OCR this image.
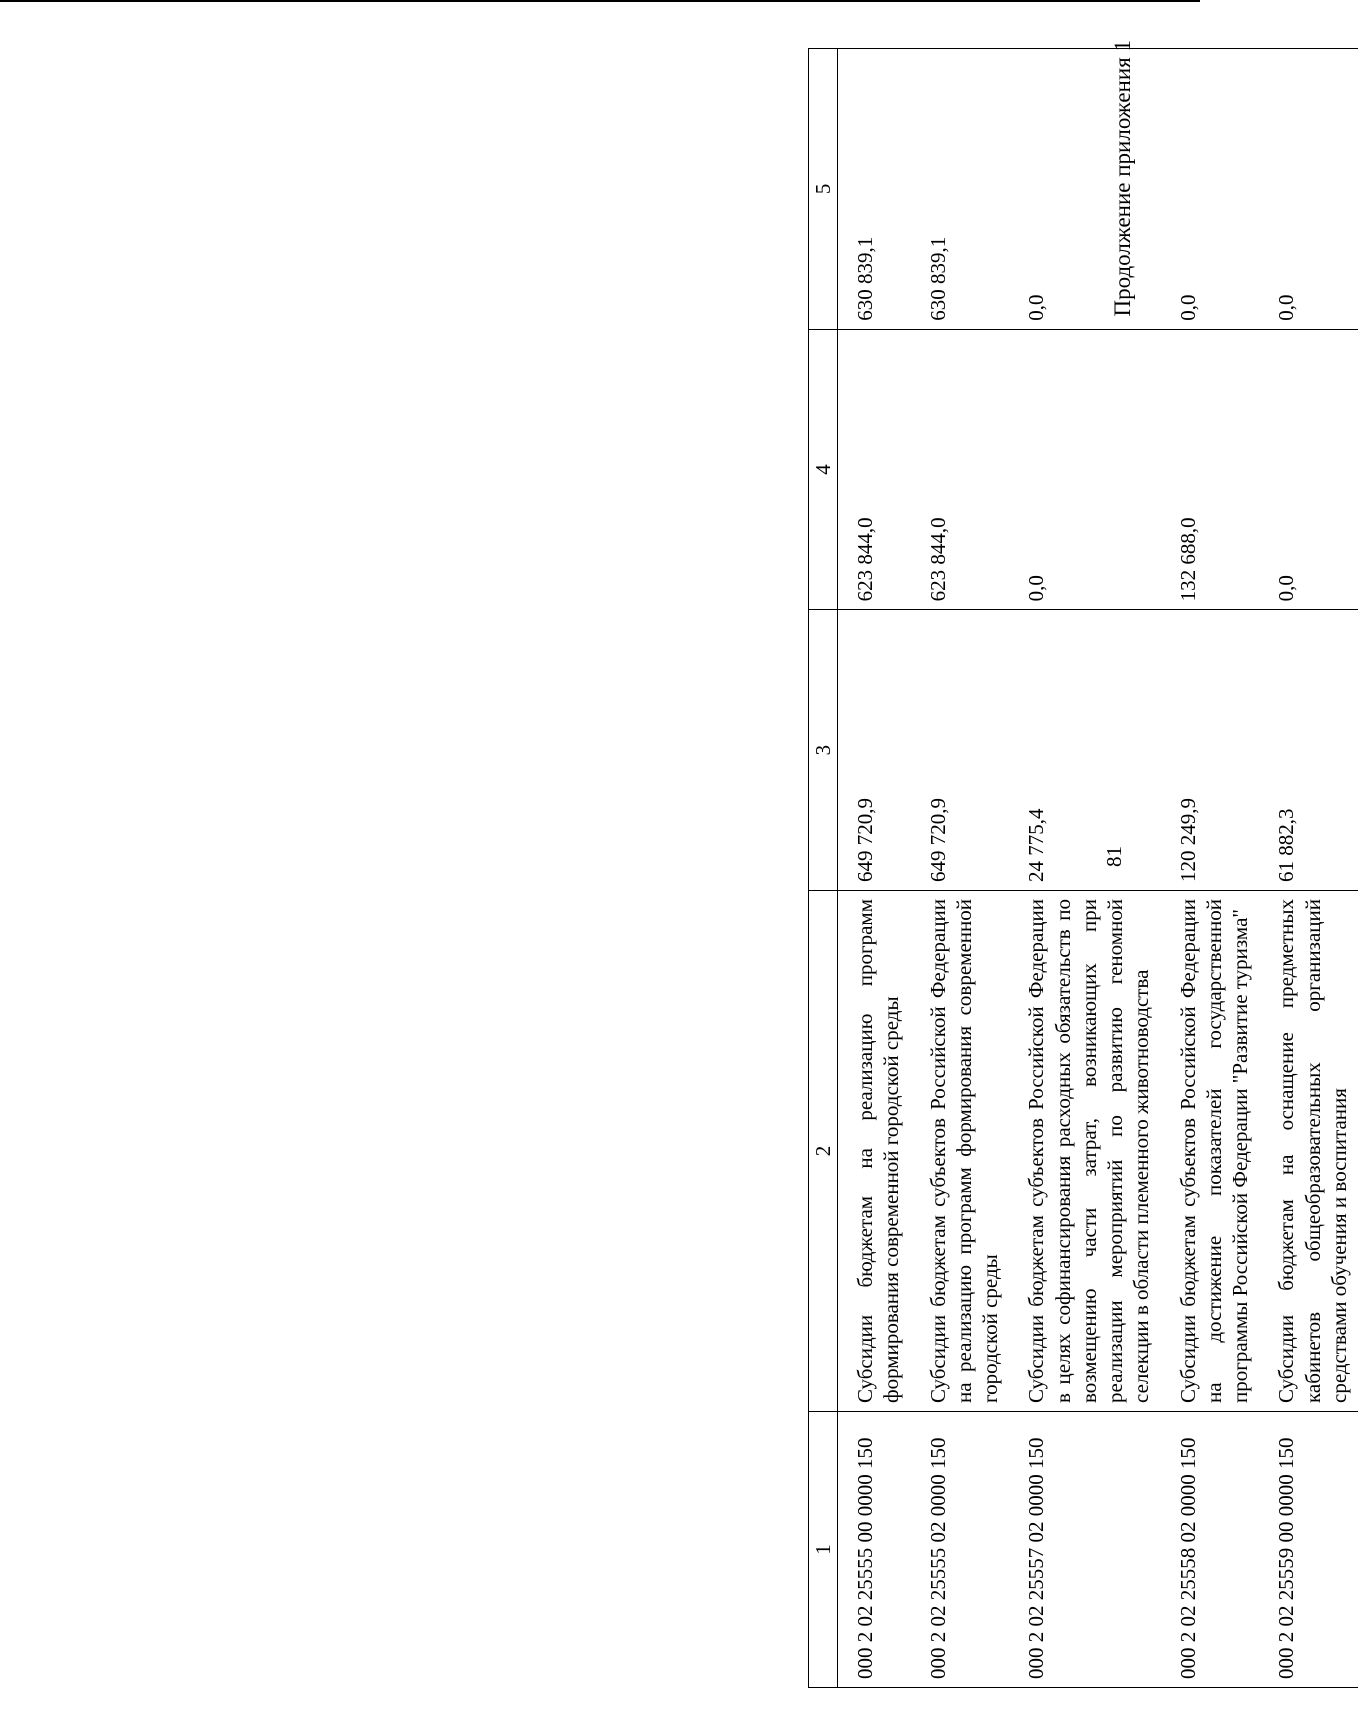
81
Продолжение приложения 1
1	2	3	4	5
000 2 02 25555 00 0000 150	Субсидии бюджетам на реализацию программ формирования современной городской среды	649 720,9	623 844,0	630 839,1
000 2 02 25555 02 0000 150	Субсидии бюджетам субъектов Российской Федерации на реализацию программ формирования современной городской среды	649 720,9	623 844,0	630 839,1
000 2 02 25557 02 0000 150	Субсидии бюджетам субъектов Российской Федерации в целях софинансирования расходных обязательств по возмещению части затрат, возникающих при реализации мероприятий по развитию геномной селекции в области племенного животноводства	24 775,4	0,0	0,0
000 2 02 25558 02 0000 150	Субсидии бюджетам субъектов Российской Федерации на достижение показателей государственной программы Российской Федерации "Развитие туризма"	120 249,9	132 688,0	0,0
000 2 02 25559 00 0000 150	Субсидии бюджетам на оснащение предметных кабинетов общеобразовательных организаций средствами обучения и воспитания	61 882,3	0,0	0,0
